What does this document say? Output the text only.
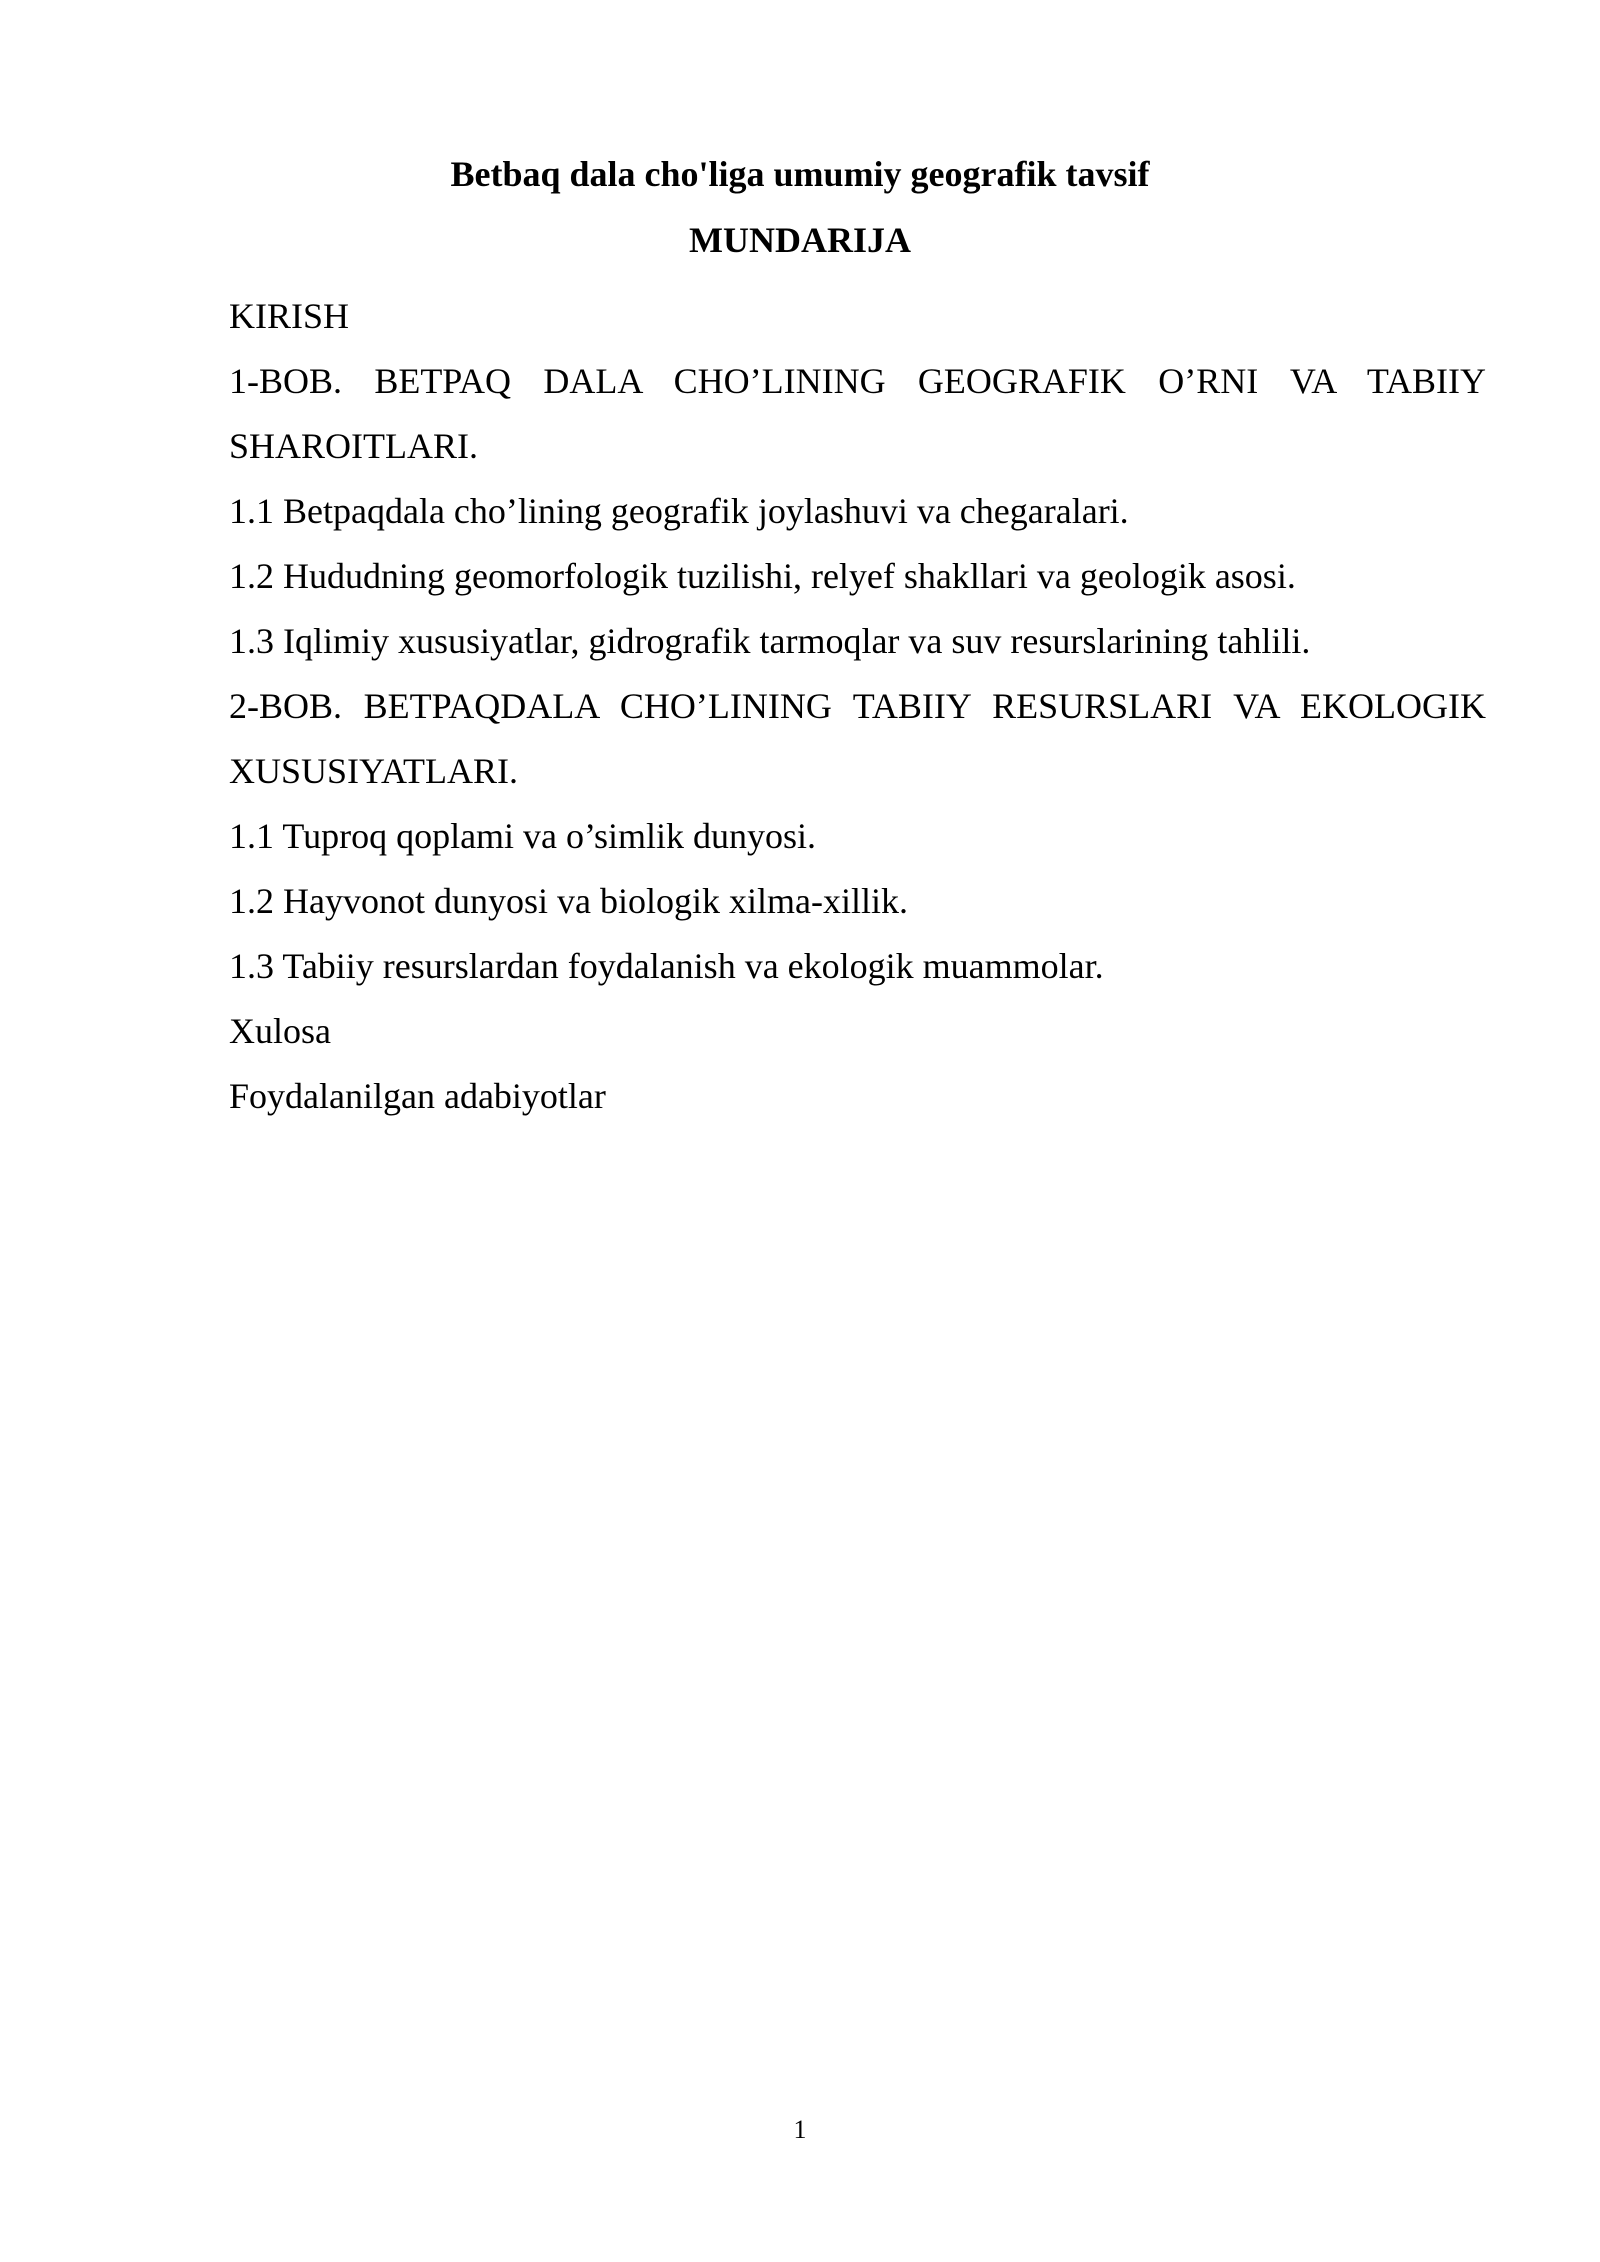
Betbaq dala cho'liga umumiy geografik tavsif
MUNDARIJA
KIRISH
1-BOB. BETPAQ DALA CHO’LINING GEOGRAFIK O’RNI VA TABIIY SHAROITLARI.
1.1 Betpaqdala cho’lining geografik joylashuvi va chegaralari.
1.2 Hududning geomorfologik tuzilishi, relyef shakllari va geologik asosi.
1.3 Iqlimiy xususiyatlar, gidrografik tarmoqlar va suv resurslarining tahlili.
2-BOB. BETPAQDALA CHO’LINING TABIIY RESURSLARI VA EKOLOGIK XUSUSIYATLARI.
1.1 Tuproq qoplami va o’simlik dunyosi.
1.2 Hayvonot dunyosi va biologik xilma-xillik.
1.3 Tabiiy resurslardan foydalanish va ekologik muammolar.
Xulosa
Foydalanilgan adabiyotlar
1
